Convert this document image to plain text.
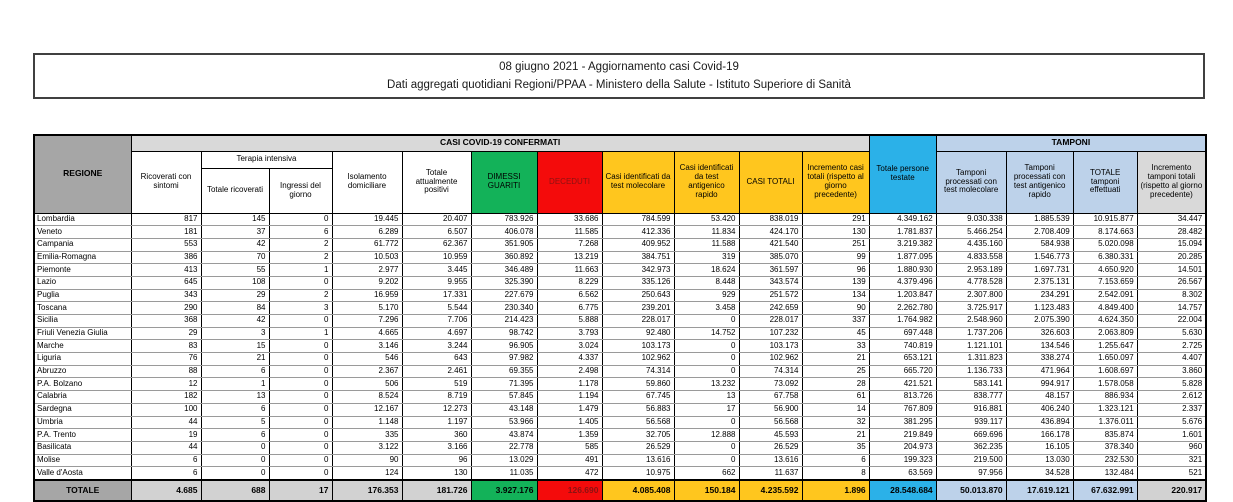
08 giugno 2021 - Aggiornamento casi Covid-19
Dati aggregati quotidiani Regioni/PPAA - Ministero della Salute - Istituto Superiore di Sanità
REGIONE	CASI COVID-19 CONFERMATI											Totale persone testate	TAMPONI			
	Ricoverati con sintomi	Terapia intensiva		Isolamento domiciliare	Totale attualmente positivi	DIMESSI GUARITI	DECEDUTI	Casi identificati da test molecolare	Casi identificati da test antigenico rapido	CASI TOTALI	Incremento casi totali (rispetto al giorno precedente)		Tamponi processati con test molecolare	Tamponi processati con test antigenico rapido	TOTALE tamponi effettuati	Incremento tamponi totali (rispetto al giorno precedente)
		Totale ricoverati	Ingressi del giorno													
Lombardia	817	145	0	19.445	20.407	783.926	33.686	784.599	53.420	838.019	291	4.349.162	9.030.338	1.885.539	10.915.877	34.447
Veneto	181	37	6	6.289	6.507	406.078	11.585	412.336	11.834	424.170	130	1.781.837	5.466.254	2.708.409	8.174.663	28.482
Campania	553	42	2	61.772	62.367	351.905	7.268	409.952	11.588	421.540	251	3.219.382	4.435.160	584.938	5.020.098	15.094
Emilia-Romagna	386	70	2	10.503	10.959	360.892	13.219	384.751	319	385.070	99	1.877.095	4.833.558	1.546.773	6.380.331	20.285
Piemonte	413	55	1	2.977	3.445	346.489	11.663	342.973	18.624	361.597	96	1.880.930	2.953.189	1.697.731	4.650.920	14.501
Lazio	645	108	0	9.202	9.955	325.390	8.229	335.126	8.448	343.574	139	4.379.496	4.778.528	2.375.131	7.153.659	26.567
Puglia	343	29	2	16.959	17.331	227.679	6.562	250.643	929	251.572	134	1.203.847	2.307.800	234.291	2.542.091	8.302
Toscana	290	84	3	5.170	5.544	230.340	6.775	239.201	3.458	242.659	90	2.262.780	3.725.917	1.123.483	4.849.400	14.757
Sicilia	368	42	0	7.296	7.706	214.423	5.888	228.017	0	228.017	337	1.764.982	2.548.960	2.075.390	4.624.350	22.004
Friuli Venezia Giulia	29	3	1	4.665	4.697	98.742	3.793	92.480	14.752	107.232	45	697.448	1.737.206	326.603	2.063.809	5.630
Marche	83	15	0	3.146	3.244	96.905	3.024	103.173	0	103.173	33	740.819	1.121.101	134.546	1.255.647	2.725
Liguria	76	21	0	546	643	97.982	4.337	102.962	0	102.962	21	653.121	1.311.823	338.274	1.650.097	4.407
Abruzzo	88	6	0	2.367	2.461	69.355	2.498	74.314	0	74.314	25	665.720	1.136.733	471.964	1.608.697	3.860
P.A. Bolzano	12	1	0	506	519	71.395	1.178	59.860	13.232	73.092	28	421.521	583.141	994.917	1.578.058	5.828
Calabria	182	13	0	8.524	8.719	57.845	1.194	67.745	13	67.758	61	813.726	838.777	48.157	886.934	2.612
Sardegna	100	6	0	12.167	12.273	43.148	1.479	56.883	17	56.900	14	767.809	916.881	406.240	1.323.121	2.337
Umbria	44	5	0	1.148	1.197	53.966	1.405	56.568	0	56.568	32	381.295	939.117	436.894	1.376.011	5.676
P.A. Trento	19	6	0	335	360	43.874	1.359	32.705	12.888	45.593	21	219.849	669.696	166.178	835.874	1.601
Basilicata	44	0	0	3.122	3.166	22.778	585	26.529	0	26.529	35	204.973	362.235	16.105	378.340	960
Molise	6	0	0	90	96	13.029	491	13.616	0	13.616	6	199.323	219.500	13.030	232.530	321
Valle d'Aosta	6	0	0	124	130	11.035	472	10.975	662	11.637	8	63.569	97.956	34.528	132.484	521
TOTALE	4.685	688	17	176.353	181.726	3.927.176	126.690	4.085.408	150.184	4.235.592	1.896	28.548.684	50.013.870	17.619.121	67.632.991	220.917
